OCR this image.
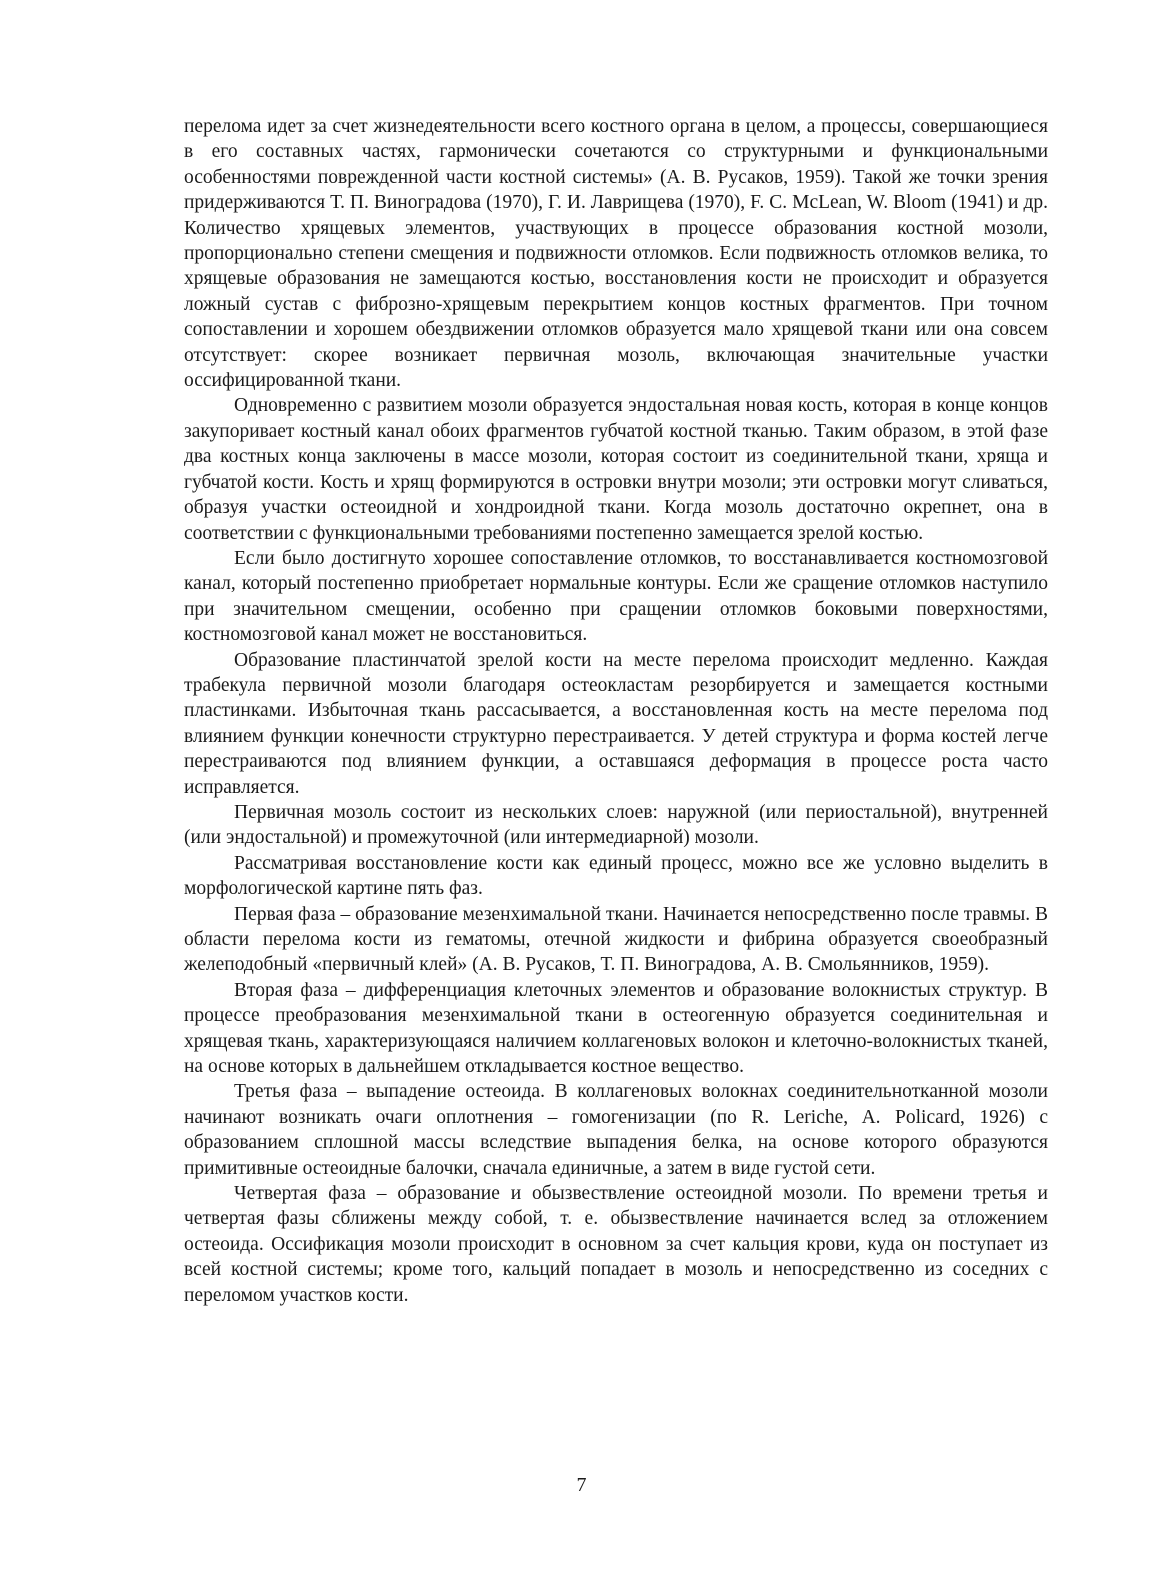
перелома идет за счет жизнедеятельности всего костного органа в целом, а процессы, совершающиеся в его составных частях, гармонически сочетаются со структурными и функциональными особенностями поврежденной части костной системы» (А. В. Русаков, 1959). Такой же точки зрения придерживаются Т. П. Виноградова (1970), Г. И. Лаврищева (1970), F. C. McLean, W. Bloom (1941) и др. Количество хрящевых элементов, участвующих в процессе образования костной мозоли, пропорционально степени смещения и подвижности отломков. Если подвижность отломков велика, то хрящевые образования не замещаются костью, восстановления кости не происходит и образуется ложный сустав с фиброзно-хрящевым перекрытием концов костных фрагментов. При точном сопоставлении и хорошем обездвижении отломков образуется мало хрящевой ткани или она совсем отсутствует: скорее возникает первичная мозоль, включающая значительные участки оссифицированной ткани.

Одновременно с развитием мозоли образуется эндостальная новая кость, которая в конце концов закупоривает костный канал обоих фрагментов губчатой костной тканью. Таким образом, в этой фазе два костных конца заключены в массе мозоли, которая состоит из соединительной ткани, хряща и губчатой кости. Кость и хрящ формируются в островки внутри мозоли; эти островки могут сливаться, образуя участки остеоидной и хондроидной ткани. Когда мозоль достаточно окрепнет, она в соответствии с функциональными требованиями постепенно замещается зрелой костью.

Если было достигнуто хорошее сопоставление отломков, то восстанавливается костномозговой канал, который постепенно приобретает нормальные контуры. Если же сращение отломков наступило при значительном смещении, особенно при сращении отломков боковыми поверхностями, костномозговой канал может не восстановиться.

Образование пластинчатой зрелой кости на месте перелома происходит медленно. Каждая трабекула первичной мозоли благодаря остеокластам резорбируется и замещается костными пластинками. Избыточная ткань рассасывается, а восстановленная кость на месте перелома под влиянием функции конечности структурно перестраивается. У детей структура и форма костей легче перестраиваются под влиянием функции, а оставшаяся деформация в процессе роста часто исправляется.

Первичная мозоль состоит из нескольких слоев: наружной (или периостальной), внутренней (или эндостальной) и промежуточной (или интермедиарной) мозоли.

Рассматривая восстановление кости как единый процесс, можно все же условно выделить в морфологической картине пять фаз.

Первая фаза – образование мезенхимальной ткани. Начинается непосредственно после травмы. В области перелома кости из гематомы, отечной жидкости и фибрина образуется своеобразный желеподобный «первичный клей» (А. В. Русаков, Т. П. Виноградова, А. В. Смольянников, 1959).

Вторая фаза – дифференциация клеточных элементов и образование волокнистых структур. В процессе преобразования мезенхимальной ткани в остеогенную образуется соединительная и хрящевая ткань, характеризующаяся наличием коллагеновых волокон и клеточно-волокнистых тканей, на основе которых в дальнейшем откладывается костное вещество.

Третья фаза – выпадение остеоида. В коллагеновых волокнах соединительнотканной мозоли начинают возникать очаги оплотнения – гомогенизации (по R. Leriche, A. Policard, 1926) с образованием сплошной массы вследствие выпадения белка, на основе которого образуются примитивные остеоидные балочки, сначала единичные, а затем в виде густой сети.

Четвертая фаза – образование и обызвествление остеоидной мозоли. По времени третья и четвертая фазы сближены между собой, т. е. обызвествление начинается вслед за отложением остеоида. Оссификация мозоли происходит в основном за счет кальция крови, куда он поступает из всей костной системы; кроме того, кальций попадает в мозоль и непосредственно из соседних с переломом участков кости.

7
